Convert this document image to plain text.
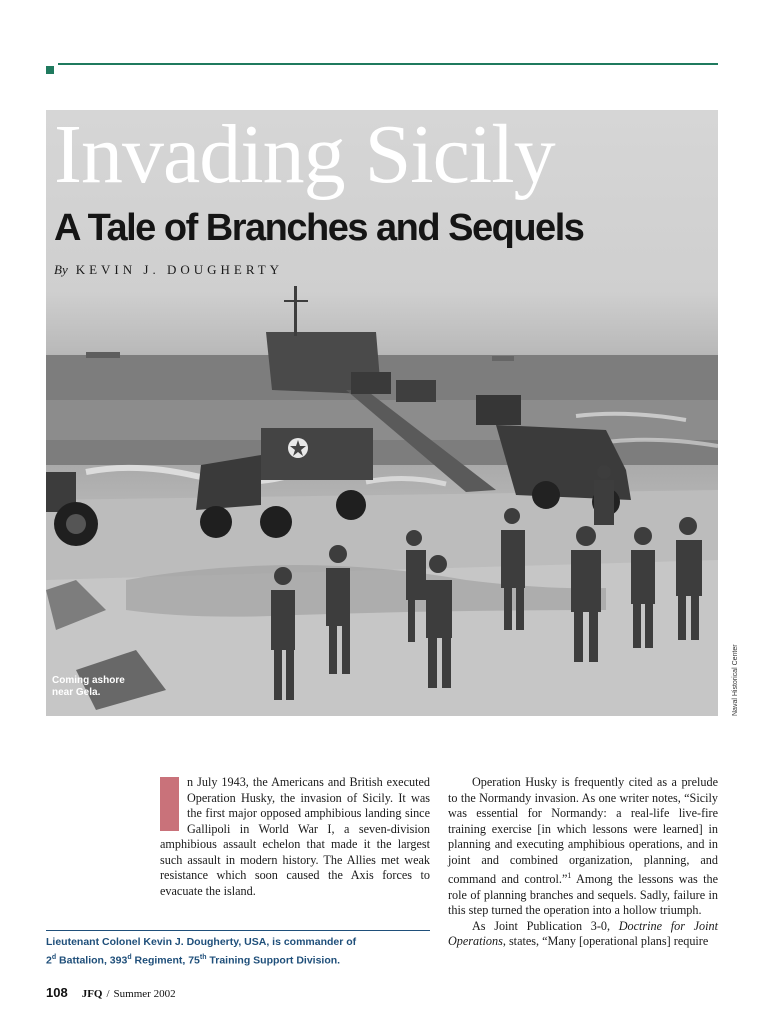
Invading Sicily
A Tale of Branches and Sequels
By KEVIN J. DOUGHERTY
Coming ashore near Gela.	Naval Historical Center

n July 1943, the Americans and British executed Operation Husky, the invasion of Sicily. It was the first major opposed amphibious landing since Gallipoli in World War I, a seven-division amphibious assault echelon that made it the largest such assault in modern history. The Allies met weak resistance which soon caused the Axis forces to evacuate the island.

Operation Husky is frequently cited as a prelude to the Normandy invasion. As one writer notes, “Sicily was essential for Normandy: a real-life live-fire training exercise [in which lessons were learned] in planning and executing amphibious operations, and in joint and combined organization, planning, and command and control.”$^1$ Among the lessons was the role of planning branches and sequels. Sadly, failure in this step turned the operation into a hollow triumph.

As Joint Publication 3-0, Doctrine for Joint Operations, states, “Many [operational plans] require

Lieutenant Colonel Kevin J. Dougherty, USA, is commander of
2$^d$ Battalion, 393$^d$ Regiment, 75th Training Support Division.
108 JFQ / Summer 2002
